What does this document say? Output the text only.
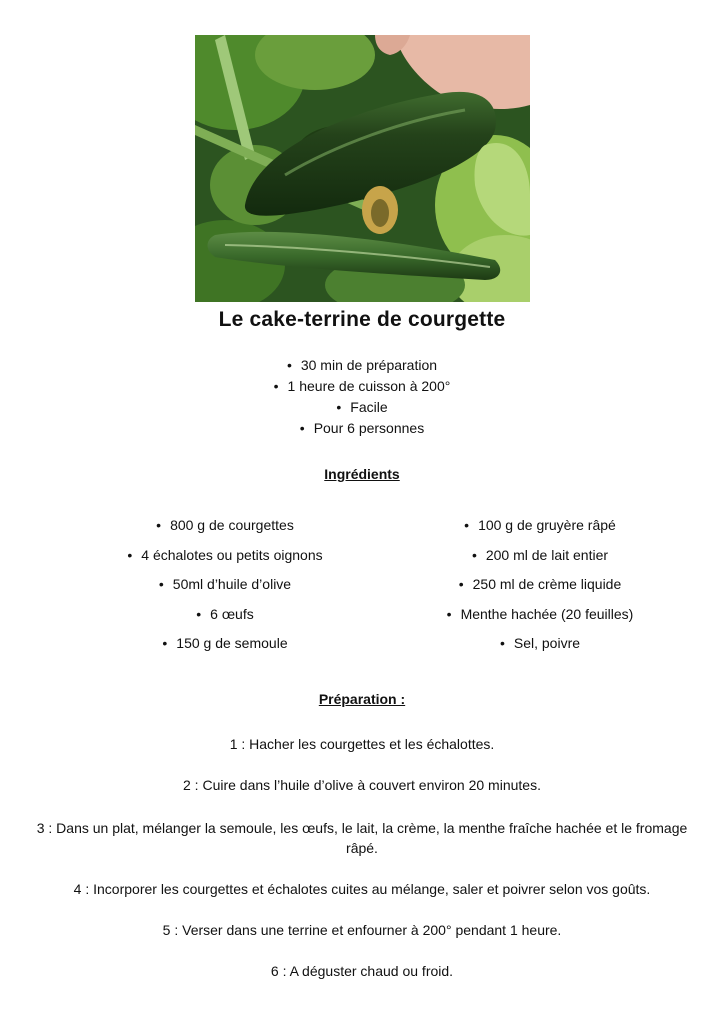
Le cake-terrine de courgette
• 30 min de préparation
• 1 heure de cuisson à 200°
• Facile
• Pour 6 personnes
Ingrédients
• 800 g de courgettes
• 4 échalotes ou petits oignons
• 50ml d’huile d’olive
• 6 œufs
• 150 g de semoule
• 100 g de gruyère râpé
• 200 ml de lait entier
• 250 ml de crème liquide
• Menthe hachée (20 feuilles)
• Sel, poivre
Préparation :
1 : Hacher les courgettes et les échalottes.
2 : Cuire dans l’huile d’olive à couvert environ 20 minutes.
3 : Dans un plat, mélanger la semoule, les œufs, le lait, la crème, la menthe fraîche hachée et le fromage râpé.
4 : Incorporer les courgettes et échalotes cuites au mélange, saler et poivrer selon vos goûts.
5 : Verser dans une terrine et enfourner à 200° pendant 1 heure.
6 : A déguster chaud ou froid.
